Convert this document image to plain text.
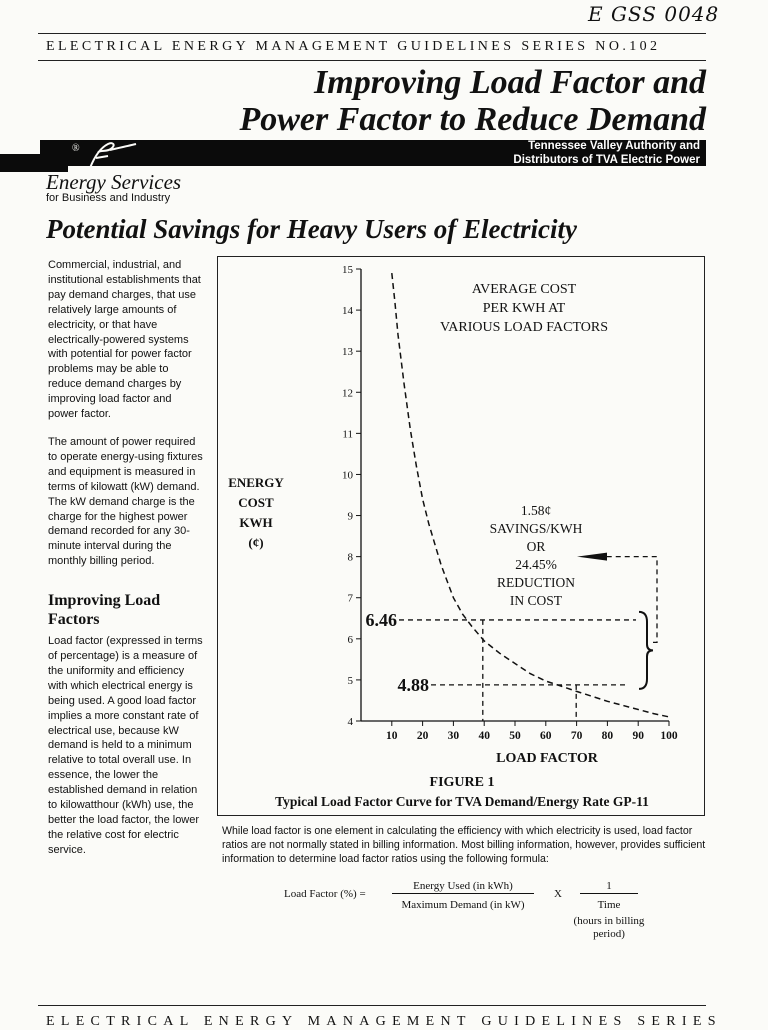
E GSS 0048
ELECTRICAL ENERGY MANAGEMENT GUIDELINES SERIES NO.102
Improving Load Factor and
Power Factor to Reduce Demand
Tennessee Valley Authority and
Distributors of TVA Electric Power
®
Energy Services
for Business and Industry
Potential Savings for Heavy Users of Electricity

Commercial, industrial, and institutional establishments that pay demand charges, that use relatively large amounts of electricity, or that have electrically-powered systems with potential for power factor problems may be able to reduce demand charges by improving load factor and power factor.

The amount of power required to operate energy-using fixtures and equipment is measured in terms of kilowatt (kW) demand. The kW demand charge is the charge for the highest power demand recorded for any 30-minute interval during the monthly billing period.

Improving Load Factors

Load factor (expressed in terms of percentage) is a measure of the uniformity and efficiency with which electrical energy is being used. A good load factor implies a more constant rate of electrical use, because kW demand is held to a minimum relative to total overall use. In essence, the lower the established demand in relation to kilowatthour (kWh) use, the better the load factor, the lower the relative cost for electric service.

ENERGY
COST
KWH
(¢)
AVERAGE COST
PER KWH AT
VARIOUS LOAD FACTORS
1.58¢
SAVINGS/KWH
OR
24.45%
REDUCTION
IN COST
LOAD FACTOR
FIGURE 1
Typical Load Factor Curve for TVA Demand/Energy Rate GP-11
4
5
6
7
8
9
10
11
12
13
14
15
10 20 30 40 50 60 70 80 90 100
6.46
4.88
While load factor is one element in calculating the efficiency with which electricity is used, load factor ratios are not normally stated in billing information. Most billing information, however, provides sufficient information to determine load factor ratios using the following formula:
Load Factor (%) =
Energy Used (in kWh)
Maximum Demand (in kW)
X
1
Time
(hours in billing period)
ELECTRICAL ENERGY MANAGEMENT GUIDELINES SERIES
